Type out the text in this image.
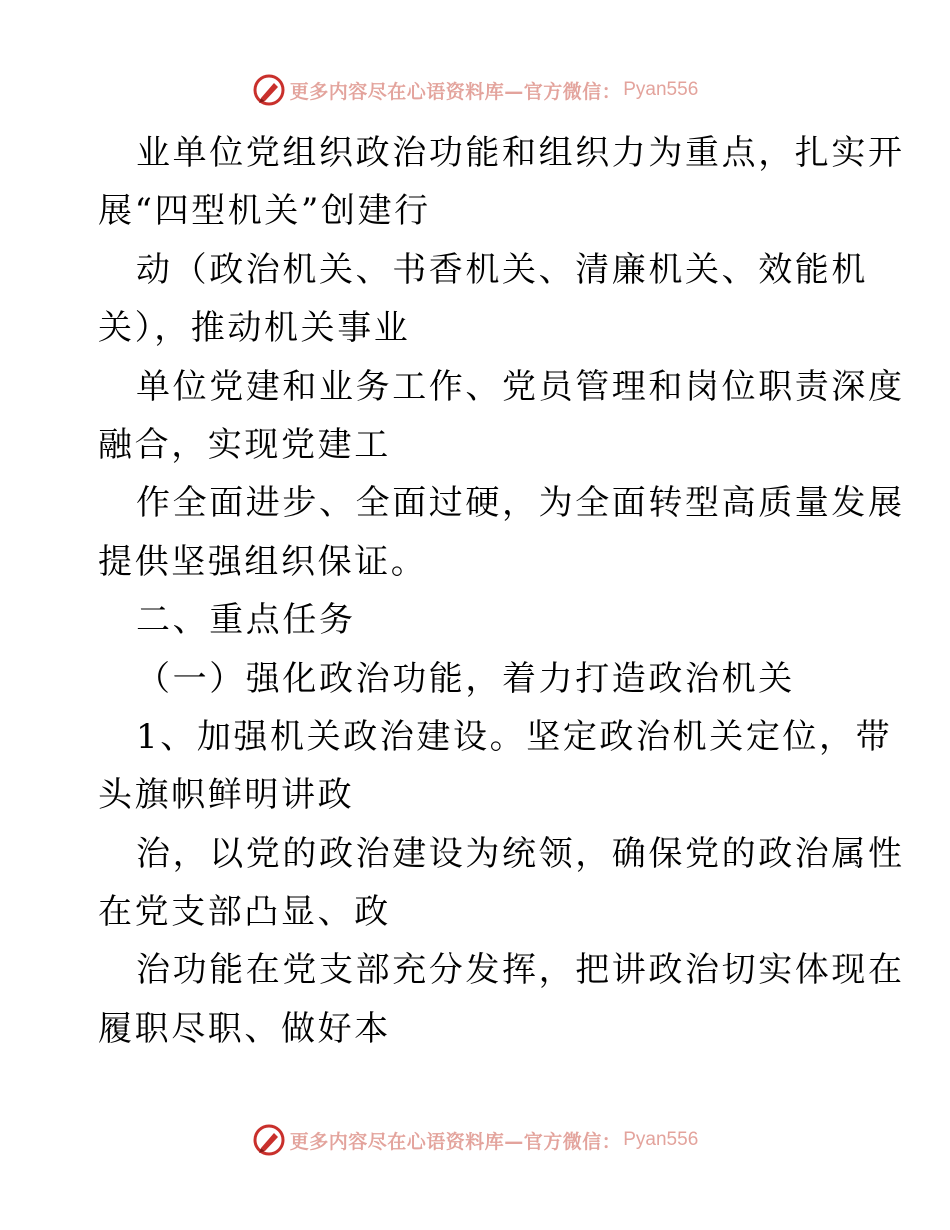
更多内容尽在心语资料库—官方微信： Pyan556
业单位党组织政治功能和组织力为重点，扎实开
展“四型机关”创建行
动（政治机关、书香机关、清廉机关、效能机
关），推动机关事业
单位党建和业务工作、党员管理和岗位职责深度
融合，实现党建工
作全面进步、全面过硬，为全面转型高质量发展
提供坚强组织保证。
二、重点任务
（一）强化政治功能，着力打造政治机关
1、加强机关政治建设。坚定政治机关定位，带
头旗帜鲜明讲政
治，以党的政治建设为统领，确保党的政治属性
在党支部凸显、政
治功能在党支部充分发挥，把讲政治切实体现在
履职尽职、做好本
更多内容尽在心语资料库—官方微信： Pyan556
